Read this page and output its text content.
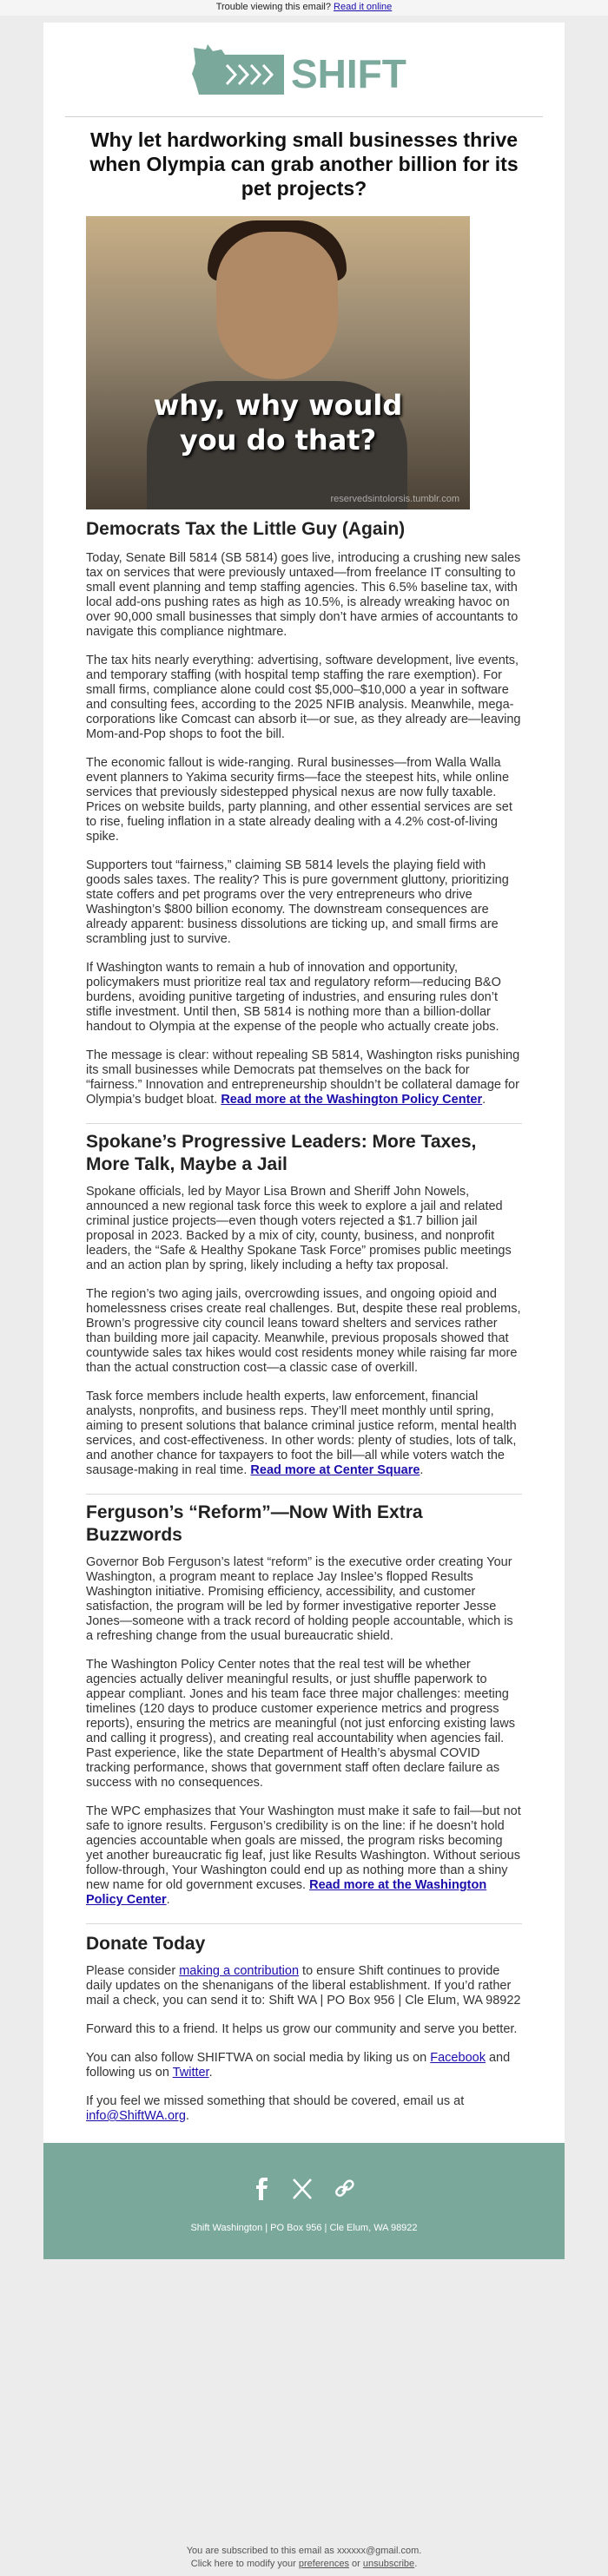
Trouble viewing this email? Read it online
SHIFT
Why let hardworking small businesses thrive when Olympia can grab another billion for its pet projects?
why, why would
you do that?
reservedsintolorsis.tumblr.com
Democrats Tax the Little Guy (Again)

Today, Senate Bill 5814 (SB 5814) goes live, introducing a crushing new sales tax on services that were previously untaxed—from freelance IT consulting to small event planning and temp staffing agencies. This 6.5% baseline tax, with local add-ons pushing rates as high as 10.5%, is already wreaking havoc on over 90,000 small businesses that simply don’t have armies of accountants to navigate this compliance nightmare.

The tax hits nearly everything: advertising, software development, live events, and temporary staffing (with hospital temp staffing the rare exemption). For small firms, compliance alone could cost $5,000–$10,000 a year in software and consulting fees, according to the 2025 NFIB analysis. Meanwhile, mega-corporations like Comcast can absorb it—or sue, as they already are—leaving Mom-and-Pop shops to foot the bill.

The economic fallout is wide-ranging. Rural businesses—from Walla Walla event planners to Yakima security firms—face the steepest hits, while online services that previously sidestepped physical nexus are now fully taxable. Prices on website builds, party planning, and other essential services are set to rise, fueling inflation in a state already dealing with a 4.2% cost-of-living spike.

Supporters tout “fairness,” claiming SB 5814 levels the playing field with goods sales taxes. The reality? This is pure government gluttony, prioritizing state coffers and pet programs over the very entrepreneurs who drive Washington’s $800 billion economy. The downstream consequences are already apparent: business dissolutions are ticking up, and small firms are scrambling just to survive.

If Washington wants to remain a hub of innovation and opportunity, policymakers must prioritize real tax and regulatory reform—reducing B&O burdens, avoiding punitive targeting of industries, and ensuring rules don’t stifle investment. Until then, SB 5814 is nothing more than a billion-dollar handout to Olympia at the expense of the people who actually create jobs.

The message is clear: without repealing SB 5814, Washington risks punishing its small businesses while Democrats pat themselves on the back for “fairness.” Innovation and entrepreneurship shouldn’t be collateral damage for Olympia’s budget bloat. Read more at the Washington Policy Center.

Spokane’s Progressive Leaders: More Taxes, More Talk, Maybe a Jail

Spokane officials, led by Mayor Lisa Brown and Sheriff John Nowels, announced a new regional task force this week to explore a jail and related criminal justice projects—even though voters rejected a $1.7 billion jail proposal in 2023. Backed by a mix of city, county, business, and nonprofit leaders, the “Safe & Healthy Spokane Task Force” promises public meetings and an action plan by spring, likely including a hefty tax proposal.

The region’s two aging jails, overcrowding issues, and ongoing opioid and homelessness crises create real challenges. But, despite these real problems, Brown’s progressive city council leans toward shelters and services rather than building more jail capacity. Meanwhile, previous proposals showed that countywide sales tax hikes would cost residents money while raising far more than the actual construction cost—a classic case of overkill.

Task force members include health experts, law enforcement, financial analysts, nonprofits, and business reps. They’ll meet monthly until spring, aiming to present solutions that balance criminal justice reform, mental health services, and cost-effectiveness. In other words: plenty of studies, lots of talk, and another chance for taxpayers to foot the bill—all while voters watch the sausage-making in real time. Read more at Center Square.

Ferguson’s “Reform”—Now With Extra Buzzwords

Governor Bob Ferguson’s latest “reform” is the executive order creating Your Washington, a program meant to replace Jay Inslee’s flopped Results Washington initiative. Promising efficiency, accessibility, and customer satisfaction, the program will be led by former investigative reporter Jesse Jones—someone with a track record of holding people accountable, which is a refreshing change from the usual bureaucratic shield.

The Washington Policy Center notes that the real test will be whether agencies actually deliver meaningful results, or just shuffle paperwork to appear compliant. Jones and his team face three major challenges: meeting timelines (120 days to produce customer experience metrics and progress reports), ensuring the metrics are meaningful (not just enforcing existing laws and calling it progress), and creating real accountability when agencies fail. Past experience, like the state Department of Health’s abysmal COVID tracking performance, shows that government staff often declare failure as success with no consequences.

The WPC emphasizes that Your Washington must make it safe to fail—but not safe to ignore results. Ferguson’s credibility is on the line: if he doesn’t hold agencies accountable when goals are missed, the program risks becoming yet another bureaucratic fig leaf, just like Results Washington. Without serious follow-through, Your Washington could end up as nothing more than a shiny new name for old government excuses. Read more at the Washington Policy Center.

Donate Today

Please consider making a contribution to ensure Shift continues to provide daily updates on the shenanigans of the liberal establishment. If you’d rather mail a check, you can send it to: Shift WA | PO Box 956 | Cle Elum, WA 98922

Forward this to a friend. It helps us grow our community and serve you better.

You can also follow SHIFTWA on social media by liking us on Facebook and following us on Twitter.

If you feel we missed something that should be covered, email us at info@ShiftWA.org.

Shift Washington | PO Box 956 | Cle Elum, WA 98922
You are subscribed to this email as xxxxxx@gmail.com.
Click here to modify your preferences or unsubscribe.
